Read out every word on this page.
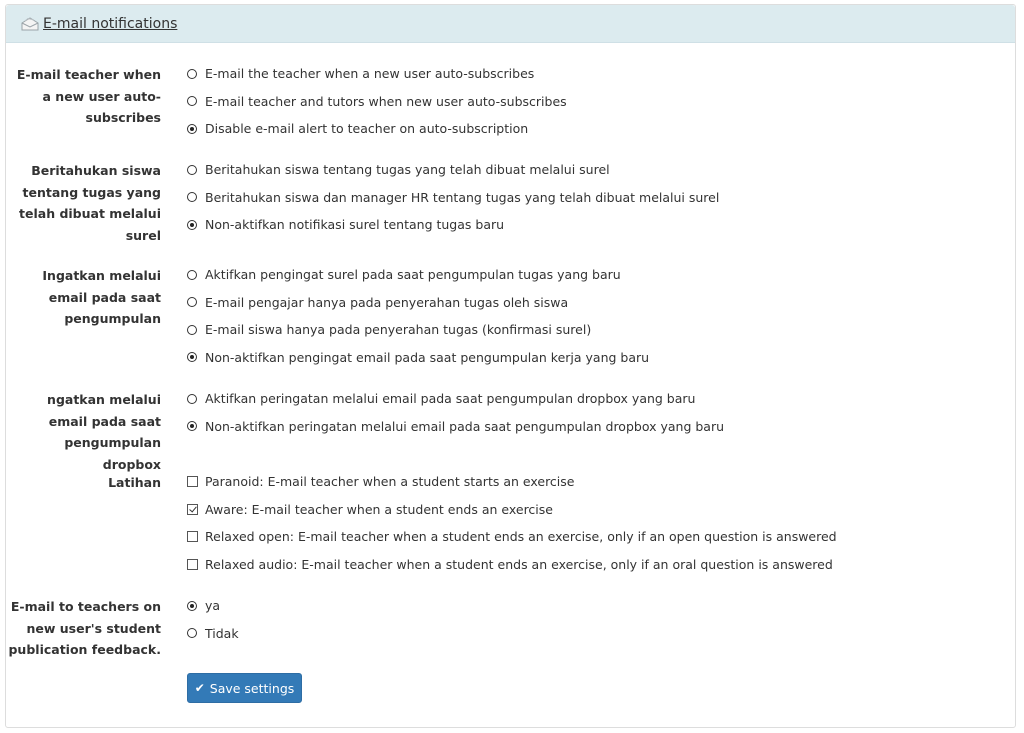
E-mail notifications
E-mail teacher when a new user auto-subscribes
E-mail the teacher when a new user auto-subscribes
E-mail teacher and tutors when new user auto-subscribes
Disable e-mail alert to teacher on auto-subscription
Beritahukan siswa tentang tugas yang telah dibuat melalui surel
Beritahukan siswa tentang tugas yang telah dibuat melalui surel
Beritahukan siswa dan manager HR tentang tugas yang telah dibuat melalui surel
Non-aktifkan notifikasi surel tentang tugas baru
Ingatkan melalui email pada saat pengumpulan
Aktifkan pengingat surel pada saat pengumpulan tugas yang baru
E-mail pengajar hanya pada penyerahan tugas oleh siswa
E-mail siswa hanya pada penyerahan tugas (konfirmasi surel)
Non-aktifkan pengingat email pada saat pengumpulan kerja yang baru
ngatkan melalui email pada saat pengumpulan dropbox
Aktifkan peringatan melalui email pada saat pengumpulan dropbox yang baru
Non-aktifkan peringatan melalui email pada saat pengumpulan dropbox yang baru
Latihan	Paranoid: E-mail teacher when a student starts an exercise
Aware: E-mail teacher when a student ends an exercise
Relaxed open: E-mail teacher when a student ends an exercise, only if an open question is answered
Relaxed audio: E-mail teacher when a student ends an exercise, only if an oral question is answered
E-mail to teachers on new user's student publication feedback.
ya
Tidak
✔ Save settings
